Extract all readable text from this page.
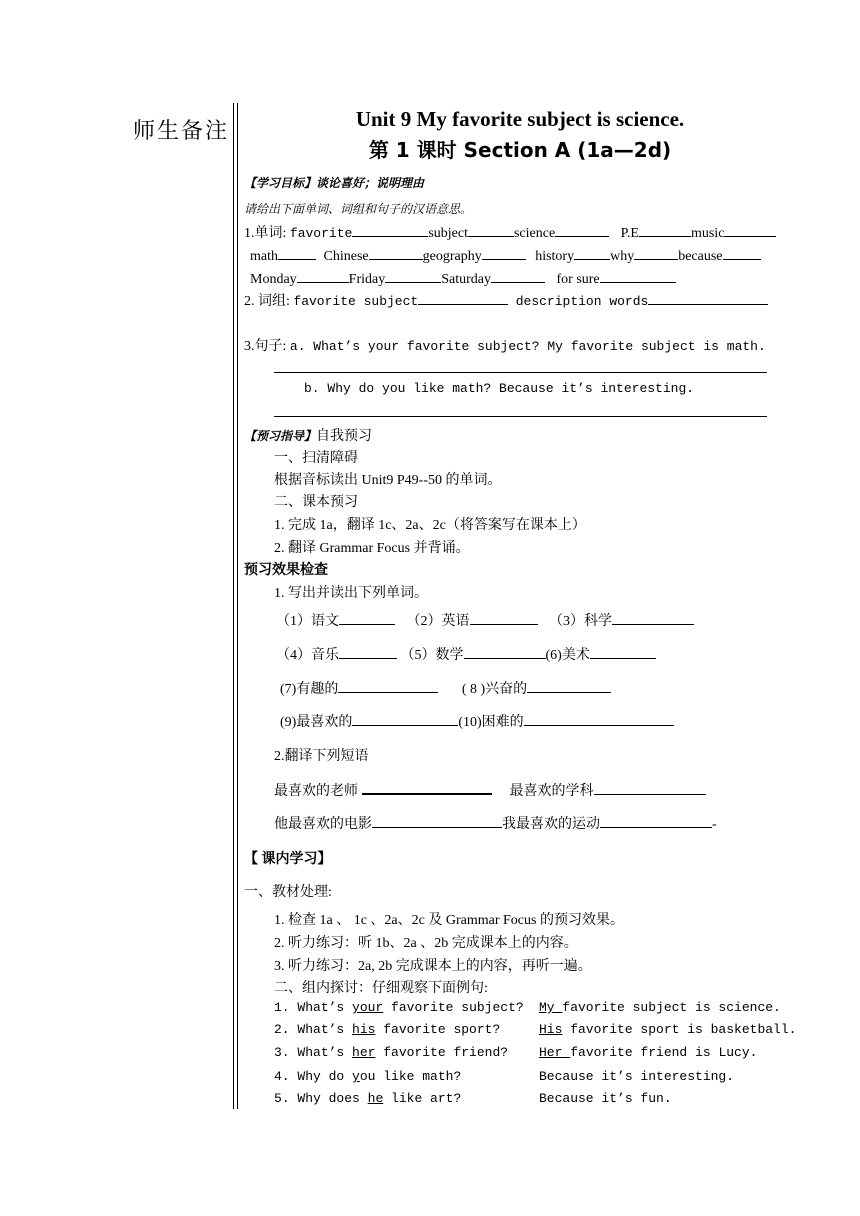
师生备注	Unit 9 My favorite subject is science.
第 1 课时 Section A (1a—2d)
【学习目标】谈论喜好；说明理由
请给出下面单词、词组和句子的汉语意思。
1.单词: favorite	subject	science	P.E	music
math	Chinese	geography	history	why	because
Monday	Friday	Saturday	for sure
2. 词组: favorite subject	description words
3.句子: a. What’s your favorite subject? My favorite subject is math.
b. Why do you like math? Because it’s interesting.
【预习指导】自我预习
一、扫清障碍
根据音标读出 Unit9 P49--50 的单词。
二、课本预习
1. 完成 1a，翻译 1c、2a、2c（将答案写在课本上）
2. 翻译 Grammar Focus 并背诵。
预习效果检查
1. 写出并读出下列单词。
（1）语文	（2）英语	（3）科学
（4）音乐	（5）数学	(6)美术
(7)有趣的	( 8 )兴奋的
(9)最喜欢的	(10)困难的
2.翻译下列短语
最喜欢的老师	最喜欢的学科
他最喜欢的电影	我最喜欢的运动	-
【 课内学习】
一、教材处理:
1. 检查 1a 、 1c 、2a、2c 及 Grammar Focus 的预习效果。
2. 听力练习：听 1b、2a 、2b 完成课本上的内容。
3. 听力练习：2a, 2b 完成课本上的内容，再听一遍。
二、组内探讨：仔细观察下面例句:
1. What’s your favorite subject? My favorite subject is science.
2. What’s his favorite sport?	His favorite sport is basketball.
3. What’s her favorite friend? Her favorite friend is Lucy.
4. Why do you like math?	Because it’s interesting.
5. Why does he like art?	Because it’s fun.
